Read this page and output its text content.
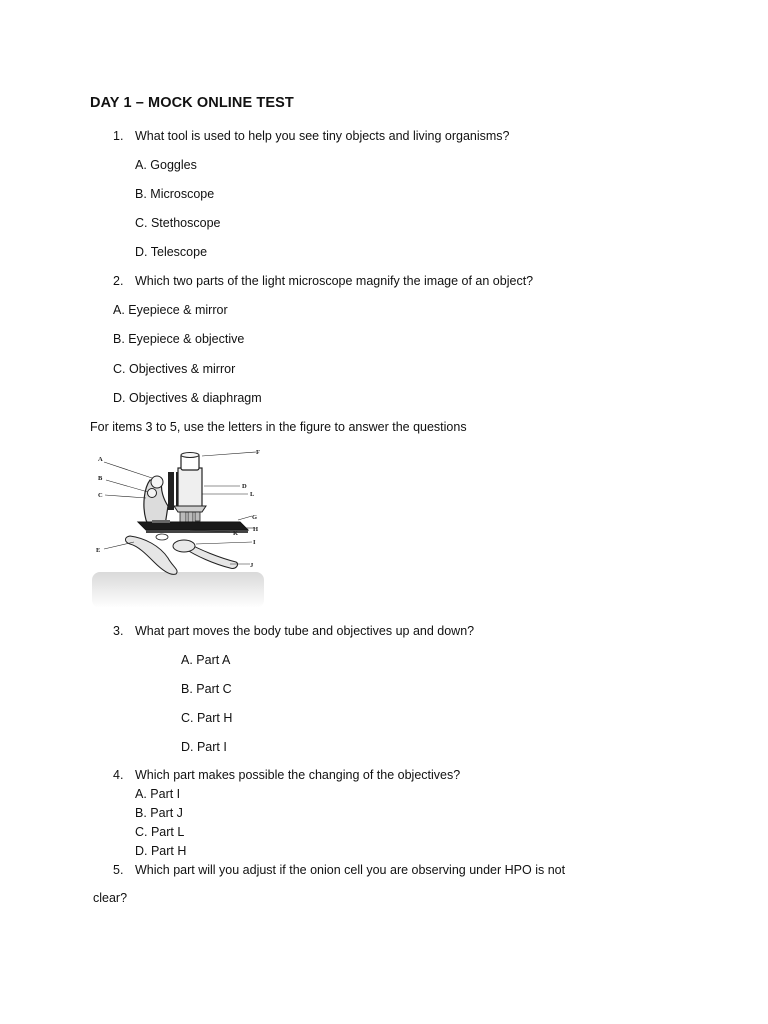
DAY 1 – MOCK ONLINE TEST
1. What tool is used to help you see tiny objects and living organisms?
A. Goggles
B. Microscope
C. Stethoscope
D. Telescope
2. Which two parts of the light microscope magnify the image of an object?
A. Eyepiece & mirror
B. Eyepiece & objective
C. Objectives & mirror
D. Objectives & diaphragm
For items 3 to 5, use the letters in the figure to answer the questions
A
B
C
D
E
F
G
H
I
J
K
L
3. What part moves the body tube and objectives up and down?
A. Part A
B. Part C
C. Part H
D. Part I
4. Which part makes possible the changing of the objectives?
A. Part I
B. Part J
C. Part L
D. Part H
5. Which part will you adjust if the onion cell you are observing under HPO is not
clear?
